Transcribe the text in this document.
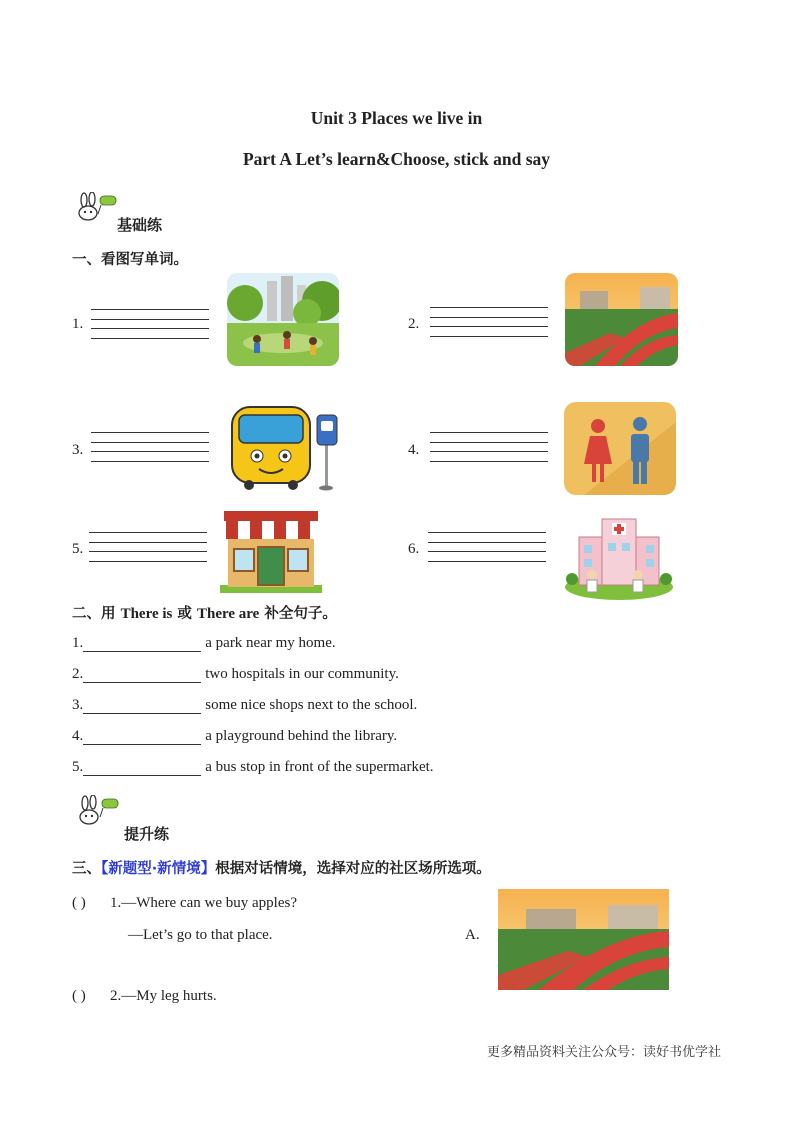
Unit 3 Places we live in
Part A Let’s learn&Choose, stick and say
基础练
一、看图写单词。
1.	2.
3.	4.
5.	6.
二、用 There is 或 There are 补全句子。
1.	a park near my home.
2.	two hospitals in our community.
3.	some nice shops next to the school.
4.	a playground behind the library.
5.	a bus stop in front of the supermarket.
提升练
三、【新题型·新情境】根据对话情境，选择对应的社区场所选项。
( ) 1.—Where can we buy apples?
—Let’s go to that place.	A.
( ) 2.—My leg hurts.
更多精品资料关注公众号：读好书优学社
